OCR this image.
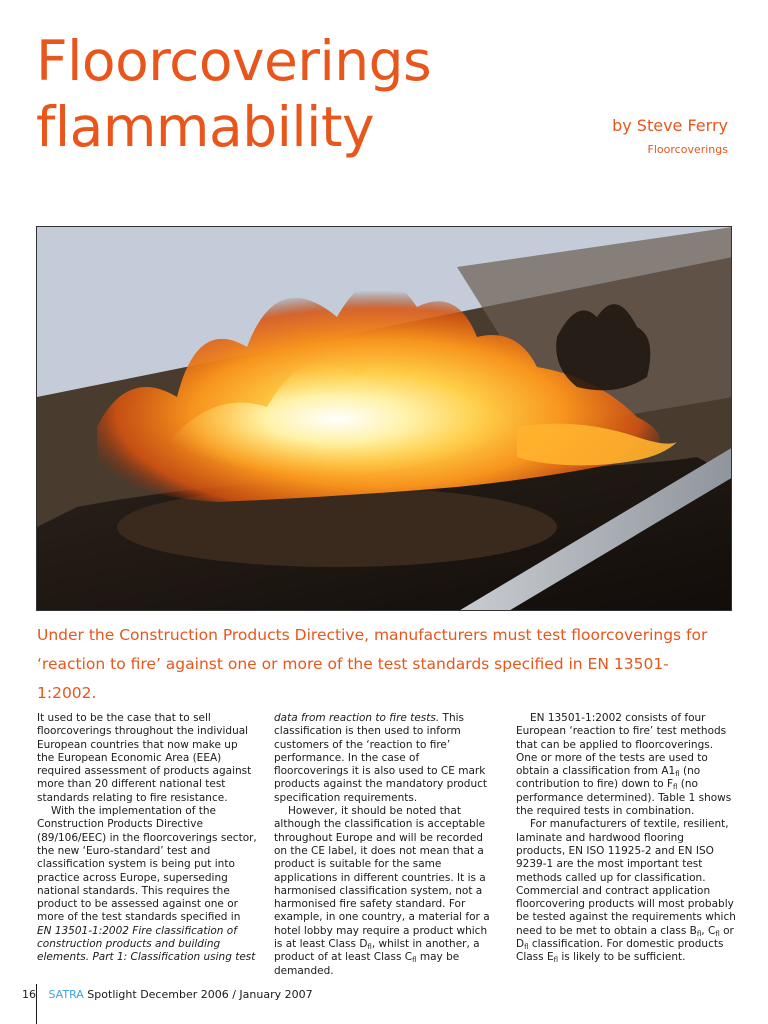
Floorcoverings
flammability	by Steve Ferry
Floorcoverings

Under the Construction Products Directive, manufacturers must test floorcoverings for ‘reaction to fire’ against one or more of the test standards specified in EN 13501-1:2002.

It used to be the case that to sell floorcoverings throughout the individual European countries that now make up the European Economic Area (EEA) required assessment of products against more than 20 different national test standards relating to fire resistance.

With the implementation of the Construction Products Directive (89/106/EEC) in the floorcoverings sector, the new ‘Euro-standard’ test and classification system is being put into practice across Europe, superseding national standards. This requires the product to be assessed against one or more of the test standards specified in EN 13501-1:2002 Fire classification of construction products and building elements. Part 1: Classification using test

data from reaction to fire tests. This classification is then used to inform customers of the ‘reaction to fire’ performance. In the case of floorcoverings it is also used to CE mark products against the mandatory product specification requirements.

However, it should be noted that although the classification is acceptable throughout Europe and will be recorded on the CE label, it does not mean that a product is suitable for the same applications in different countries. It is a harmonised classification system, not a harmonised fire safety standard. For example, in one country, a material for a hotel lobby may require a product which is at least Class $D_{fl}$, whilst in another, a product of at least Class $C_{fl}$ may be demanded.

EN 13501-1:2002 consists of four European ‘reaction to fire’ test methods that can be applied to floorcoverings. One or more of the tests are used to obtain a classification from $A1_{fl}$ (no contribution to fire) down to $F_{fl}$ (no performance determined). Table 1 shows the required tests in combination.

For manufacturers of textile, resilient, laminate and hardwood flooring products, EN ISO 11925-2 and EN ISO 9239-1 are the most important test methods called up for classification. Commercial and contract application floorcovering products will most probably be tested against the requirements which need to be met to obtain a class $B_{fl}$, $C_{fl}$ or $D_{fl}$ classification. For domestic products Class $E_{fl}$ is likely to be sufficient.

16 SATRA Spotlight December 2006 / January 2007
